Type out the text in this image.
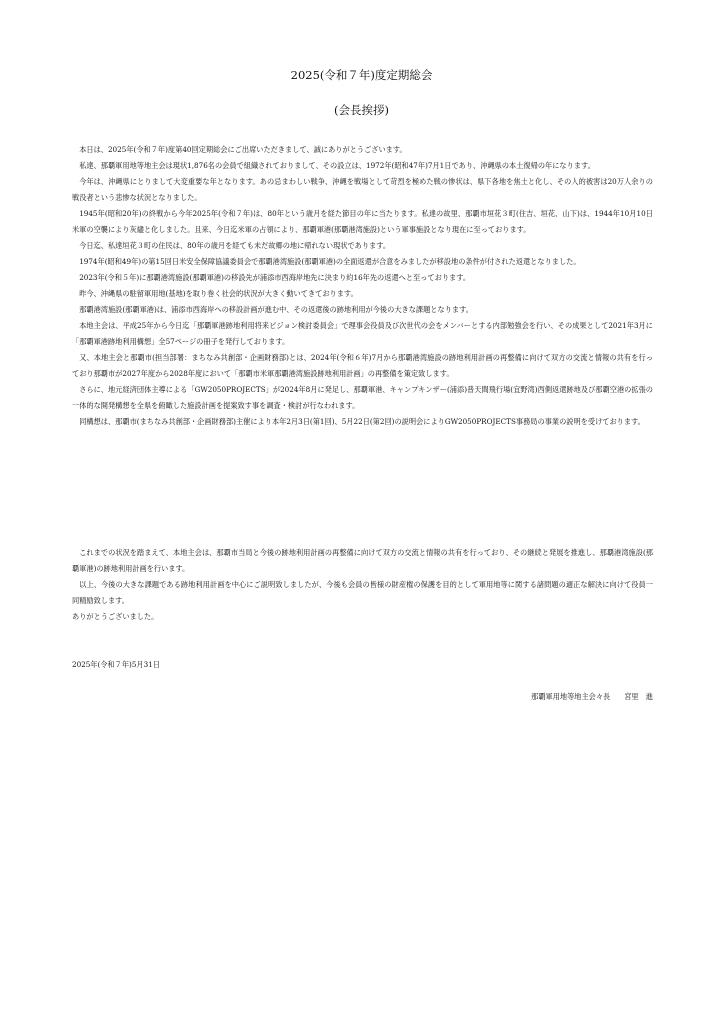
2025(令和７年)度定期総会
(会長挨拶)

本日は、2025年(令和７年)度第40回定期総会にご出席いただきまして、誠にありがとうございます。

私達、那覇軍用地等地主会は現状1,876名の会員で組織されておりまして、その設立は、1972年(昭和47年)7月1日であり、沖縄県の本土復帰の年になります。

今年は、沖縄県にとりまして大変重要な年となります。あの忌まわしい戦争、沖縄を戦場として苛烈を極めた戦の惨状は、県下各地を焦土と化し、その人的被害は20万人余りの戦没者という悲惨な状況となりました。

1945年(昭和20年)の終戦から今年2025年(令和７年)は、80年という歳月を経た節目の年に当たります。私達の故里、那覇市垣花３町(住吉、垣花、山下)は、1944年10月10日米軍の空襲により灰燼と化しました。且来、今日迄米軍の占領により、那覇軍港(那覇港湾施設)という軍事施設となり現在に至っております。

今日迄、私達垣花３町の住民は、80年の歳月を経ても未だ故郷の地に帰れない現状であります。

1974年(昭和49年)の第15回日米安全保障協議委員会で那覇港湾施設(那覇軍港)の全面返還が合意をみましたが移設地の条件が付された返還となりました。

2023年(令和５年)に那覇港湾施設(那覇軍港)の移設先が浦添市西海岸地先に決まり約16年先の返還へと至っております。

昨今、沖縄県の駐留軍用地(基地)を取り巻く社会的状況が大きく動いてきております。

那覇港湾施設(那覇軍港)は、浦添市西海岸への移設計画が進む中、その返還後の跡地利用が今後の大きな課題となります。

本地主会は、平成25年から今日迄「那覇軍港跡地利用将来ビジョン検討委員会」で理事会役員及び次世代の会をメンバーとする内部勉強会を行い、その成果として2021年3月に「那覇軍港跡地利用構想」全57ページの冊子を発行しております。

又、本地主会と那覇市(担当部署：まちなみ共創部・企画財務部)とは、2024年(令和６年)7月から那覇港湾施設の跡地利用計画の再整備に向けて双方の交流と情報の共有を行っており那覇市が2027年度から2028年度において「那覇市米軍那覇港湾施設跡地利用計画」の再整備を策定致します。

さらに、地元経済団体主導による「GW2050PROJECTS」が2024年8月に発足し、那覇軍港、キャンプキンザー(浦添)普天間飛行場(宜野湾)西側返還跡地及び那覇空港の拡張の一体的な開発構想を全県を俯瞰した施設計画を提案致す事を調査・検討が行なわれます。

同構想は、那覇市(まちなみ共創部・企画財務部)主催により本年2月3日(第1回)、5月22日(第2回)の説明会によりGW2050PROJECTS事務局の事業の説明を受けております。

これまでの状況を踏まえて、本地主会は、那覇市当局と今後の跡地利用計画の再整備に向けて双方の交流と情報の共有を行っており、その継続と発展を推進し、那覇港湾施設(那覇軍港)の跡地利用計画を行います。

以上、今後の大きな課題である跡地利用計画を中心にご説明致しましたが、今後も会員の皆様の財産権の保護を目的として軍用地等に関する諸問題の適正な解決に向けて役員一同精励致します。

ありがとうございました。

2025年(令和７年)5月31日
那覇軍用地等地主会々長 宮里　進
